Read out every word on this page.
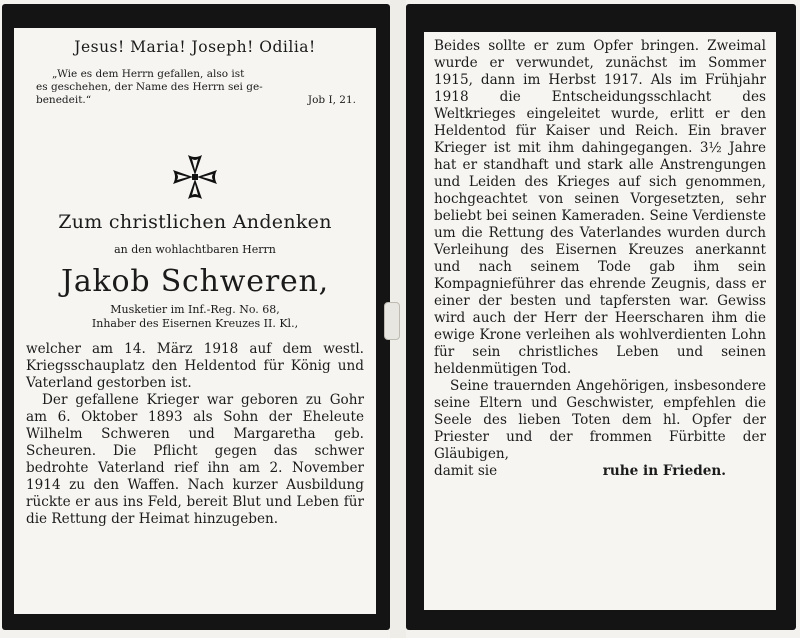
Jesus! Maria! Joseph! Odilia!
„Wie es dem Herrn gefallen, also ist
es geschehen, der Name des Herrn sei ge-
benedeit.“	Job I, 21.
Zum christlichen Andenken
an den wohlachtbaren Herrn
Jakob Schweren,
Musketier im Inf.-Reg. No. 68,
Inhaber des Eisernen Kreuzes II. Kl.,

welcher am 14. März 1918 auf dem westl. Kriegsschauplatz den Heldentod für König und Vaterland gestorben ist.

Der gefallene Krieger war geboren zu Gohr am 6. Oktober 1893 als Sohn der Eheleute Wilhelm Schweren und Margaretha geb. Scheuren. Die Pflicht gegen das schwer bedrohte Vaterland rief ihn am 2. November 1914 zu den Waffen. Nach kurzer Ausbildung rückte er aus ins Feld, bereit Blut und Leben für die Rettung der Heimat hinzugeben.

Beides sollte er zum Opfer bringen. Zweimal wurde er verwundet, zunächst im Sommer 1915, dann im Herbst 1917. Als im Frühjahr 1918 die Entscheidungsschlacht des Weltkrieges eingeleitet wurde, erlitt er den Heldentod für Kaiser und Reich. Ein braver Krieger ist mit ihm dahingegangen. 3½ Jahre hat er standhaft und stark alle Anstrengungen und Leiden des Krieges auf sich genommen, hochgeachtet von seinen Vorgesetzten, sehr beliebt bei seinen Kameraden. Seine Verdienste um die Rettung des Vaterlandes wurden durch Verleihung des Eisernen Kreuzes anerkannt und nach seinem Tode gab ihm sein Kompagnieführer das ehrende Zeugnis, dass er einer der besten und tapfersten war. Gewiss wird auch der Herr der Heerscharen ihm die ewige Krone verleihen als wohlverdienten Lohn für sein christliches Leben und seinen heldenmütigen Tod.

Seine trauernden Angehörigen, insbesondere seine Eltern und Geschwister, empfehlen die Seele des lieben Toten dem hl. Opfer der Priester und der frommen Fürbitte der Gläubigen,

damit sie	ruhe in Frieden.
